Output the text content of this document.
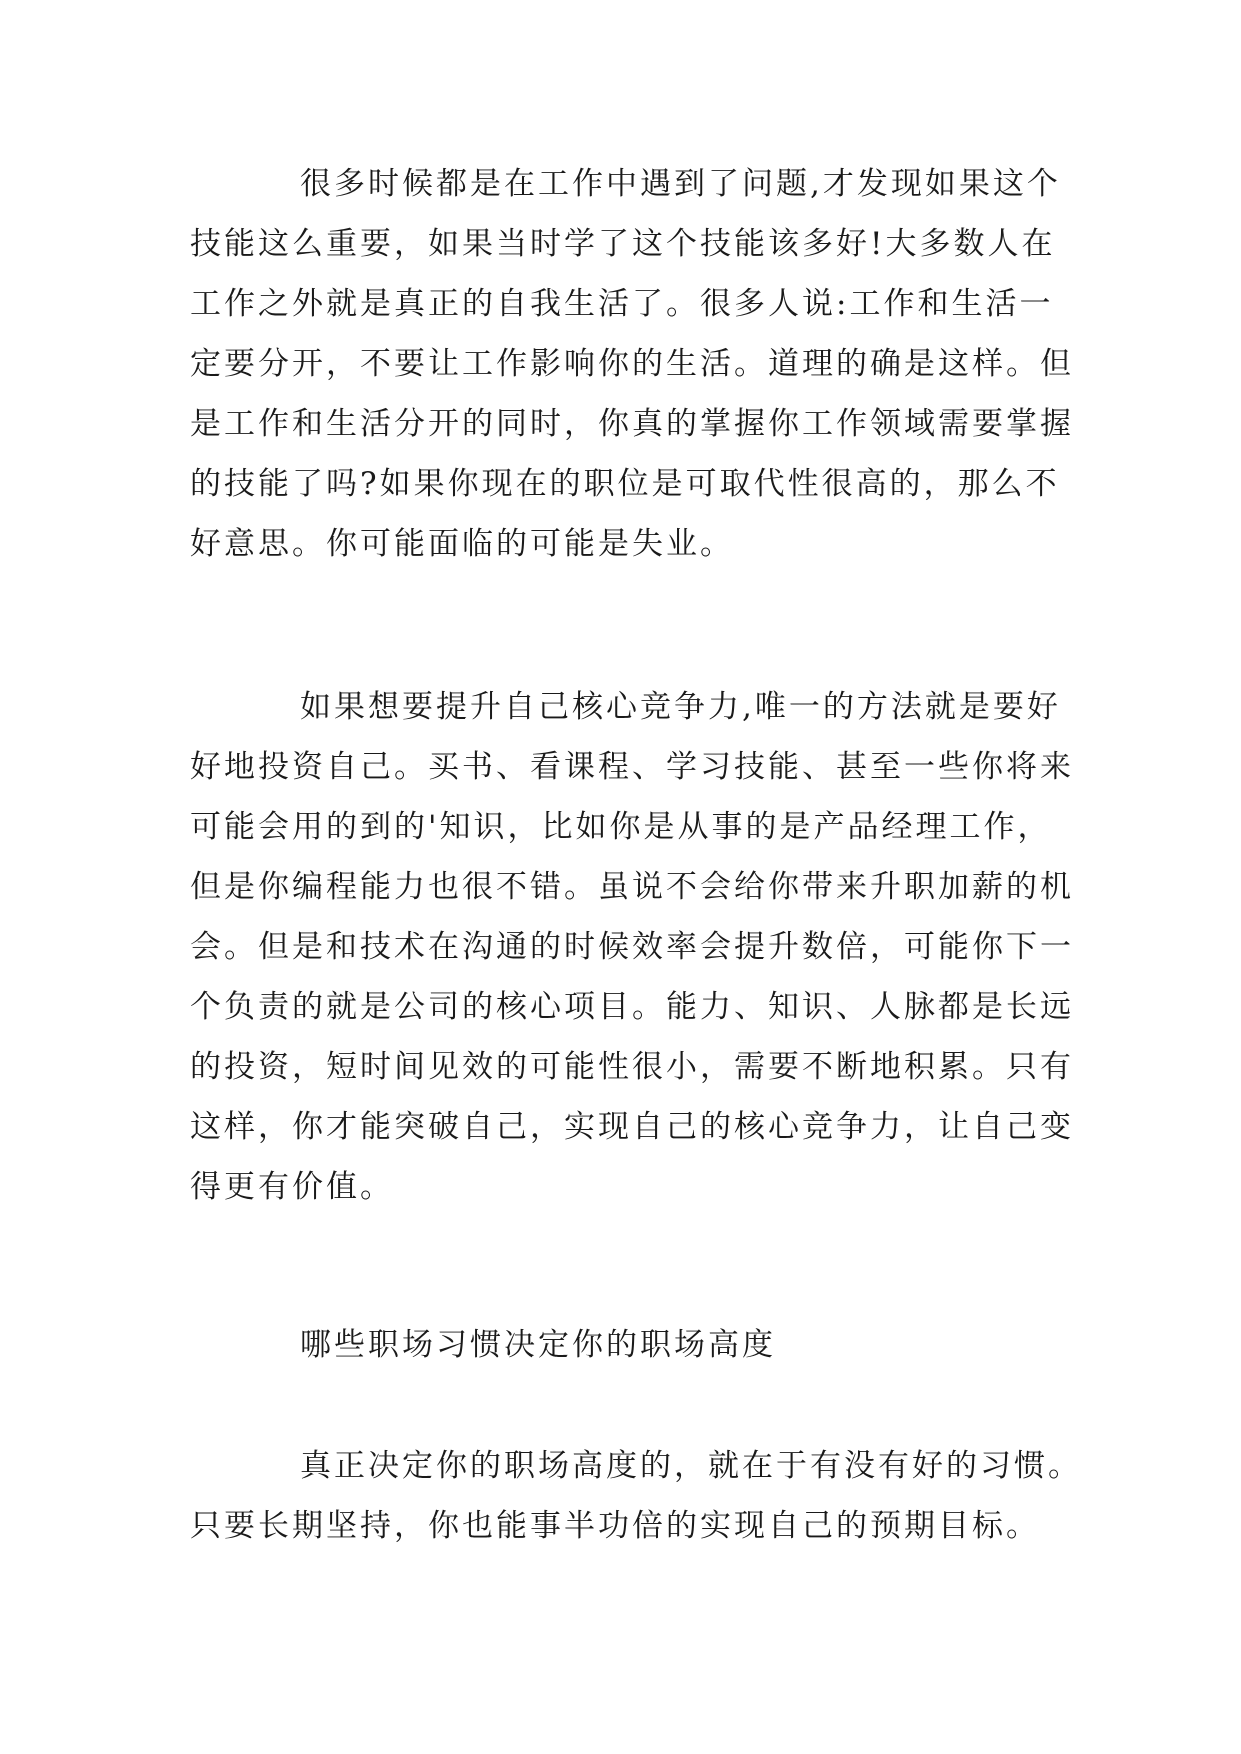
很多时候都是在工作中遇到了问题,才发现如果这个
技能这么重要，如果当时学了这个技能该多好!大多数人在
工作之外就是真正的自我生活了。很多人说:工作和生活一
定要分开，不要让工作影响你的生活。道理的确是这样。但
是工作和生活分开的同时，你真的掌握你工作领域需要掌握
的技能了吗?如果你现在的职位是可取代性很高的，那么不
好意思。你可能面临的可能是失业。
如果想要提升自己核心竞争力,唯一的方法就是要好
好地投资自己。买书、看课程、学习技能、甚至一些你将来
可能会用的到的'知识，比如你是从事的是产品经理工作，
但是你编程能力也很不错。虽说不会给你带来升职加薪的机
会。但是和技术在沟通的时候效率会提升数倍，可能你下一
个负责的就是公司的核心项目。能力、知识、人脉都是长远
的投资，短时间见效的可能性很小，需要不断地积累。只有
这样，你才能突破自己，实现自己的核心竞争力，让自己变
得更有价值。
哪些职场习惯决定你的职场高度
真正决定你的职场高度的，就在于有没有好的习惯。
只要长期坚持，你也能事半功倍的实现自己的预期目标。
